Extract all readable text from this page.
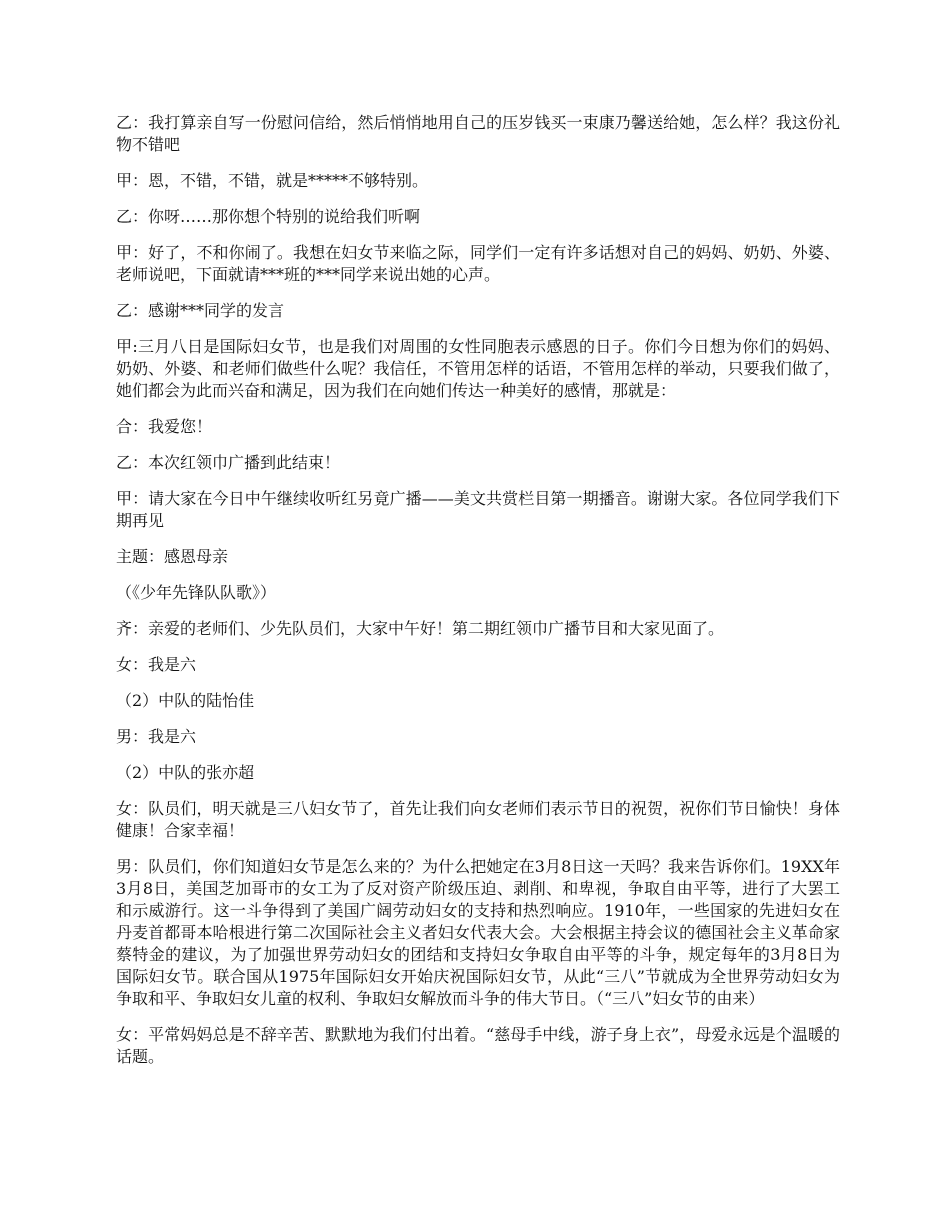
乙：我打算亲自写一份慰问信给，然后悄悄地用自己的压岁钱买一束康乃馨送给她，怎么样？我这份礼物不错吧

甲：恩，不错，不错，就是*****不够特别。

乙：你呀……那你想个特别的说给我们听啊

甲：好了，不和你闹了。我想在妇女节来临之际，同学们一定有许多话想对自己的妈妈、奶奶、外婆、老师说吧，下面就请***班的***同学来说出她的心声。

乙：感谢***同学的发言

甲:三月八日是国际妇女节，也是我们对周围的女性同胞表示感恩的日子。你们今日想为你们的妈妈、奶奶、外婆、和老师们做些什么呢？我信任，不管用怎样的话语，不管用怎样的举动，只要我们做了，她们都会为此而兴奋和满足，因为我们在向她们传达一种美好的感情，那就是：

合：我爱您！

乙：本次红领巾广播到此结束！

甲：请大家在今日中午继续收听红另竟广播——美文共赏栏目第一期播音。谢谢大家。各位同学我们下期再见

主题：感恩母亲

（《少年先锋队队歌》）

齐：亲爱的老师们、少先队员们，大家中午好！第二期红领巾广播节目和大家见面了。

女：我是六

（2）中队的陆怡佳

男：我是六

（2）中队的张亦超

女：队员们，明天就是三八妇女节了，首先让我们向女老师们表示节日的祝贺，祝你们节日愉快！身体健康！合家幸福！

男：队员们，你们知道妇女节是怎么来的？为什么把她定在3月8日这一天吗？我来告诉你们。19XX年3月8日，美国芝加哥市的女工为了反对资产阶级压迫、剥削、和卑视，争取自由平等，进行了大罢工和示威游行。这一斗争得到了美国广阔劳动妇女的支持和热烈响应。1910年，一些国家的先进妇女在丹麦首都哥本哈根进行第二次国际社会主义者妇女代表大会。大会根据主持会议的德国社会主义革命家蔡特金的建议，为了加强世界劳动妇女的团结和支持妇女争取自由平等的斗争，规定每年的3月8日为国际妇女节。联合国从1975年国际妇女开始庆祝国际妇女节，从此“三八”节就成为全世界劳动妇女为争取和平、争取妇女儿童的权利、争取妇女解放而斗争的伟大节日。（“三八”妇女节的由来）

女：平常妈妈总是不辞辛苦、默默地为我们付出着。“慈母手中线，游子身上衣”，母爱永远是个温暖的话题。
